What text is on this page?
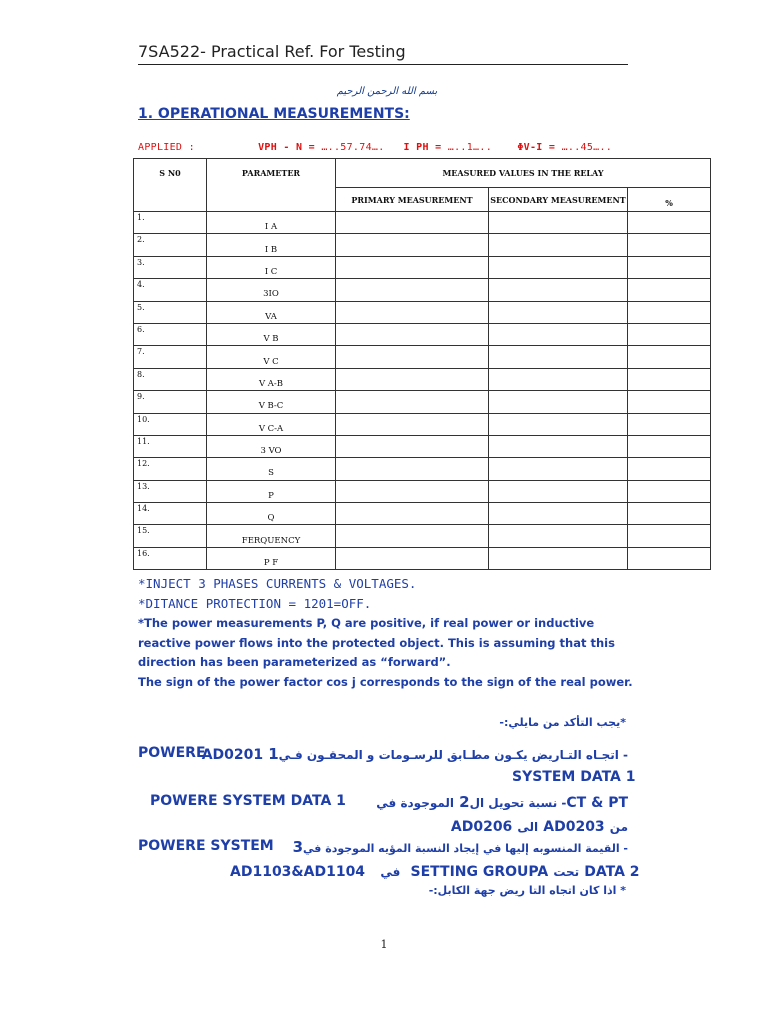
7SA522- Practical Ref. For Testing
بسم الله الرحمن الرحيم
1. OPERATIONAL MEASUREMENTS:
APPLIED :	VPH - N = …..57.74…. I PH = …..1…..	ΦV-I = …..45…..
S N0	PARAMETER	MEASURED VALUES IN THE RELAY		
		PRIMARY MEASUREMENT	SECONDARY MEASUREMENT	%

1.	I A			

2.	I B			

3.	I C			

4.	3IO			

5.	VA			

6.	V B			

7.	V C			

8.	V A-B			

9.	V B-C			

10.	V C-A			

11.	3 VO			

12.	S			

13.	P			

14.	Q			

15.	FERQUENCY			

16.	P F			

*INJECT 3 PHASES CURRENTS & VOLTAGES.
*DITANCE PROTECTION = 1201=OFF.
*The power measurements P, Q are positive, if real power or inductive reactive power flows into the protected object. This is assuming that this direction has been parameterized as “forward”.
The sign of the power factor cos j corresponds to the sign of the real power.
*يجب التأكد من مايلي:-
POWERE	1- اتجـاه التـاريض يكـون مطـابق للرسـومات و المحقـون فـي AD0201
SYSTEM DATA 1
POWERE SYSTEM DATA 1	2- نسبة تحويل الCT & PT الموجودة في
من AD0203 الى AD0206
POWERE SYSTEM 3- القيمة المنسوبه إليها في إيجاد النسبة المؤيه الموجودة في
AD1103&AD1104 في SETTING GROUPA تحت DATA 2
* اذا كان اتجاه التا ريض جهة الكابل:-
1
